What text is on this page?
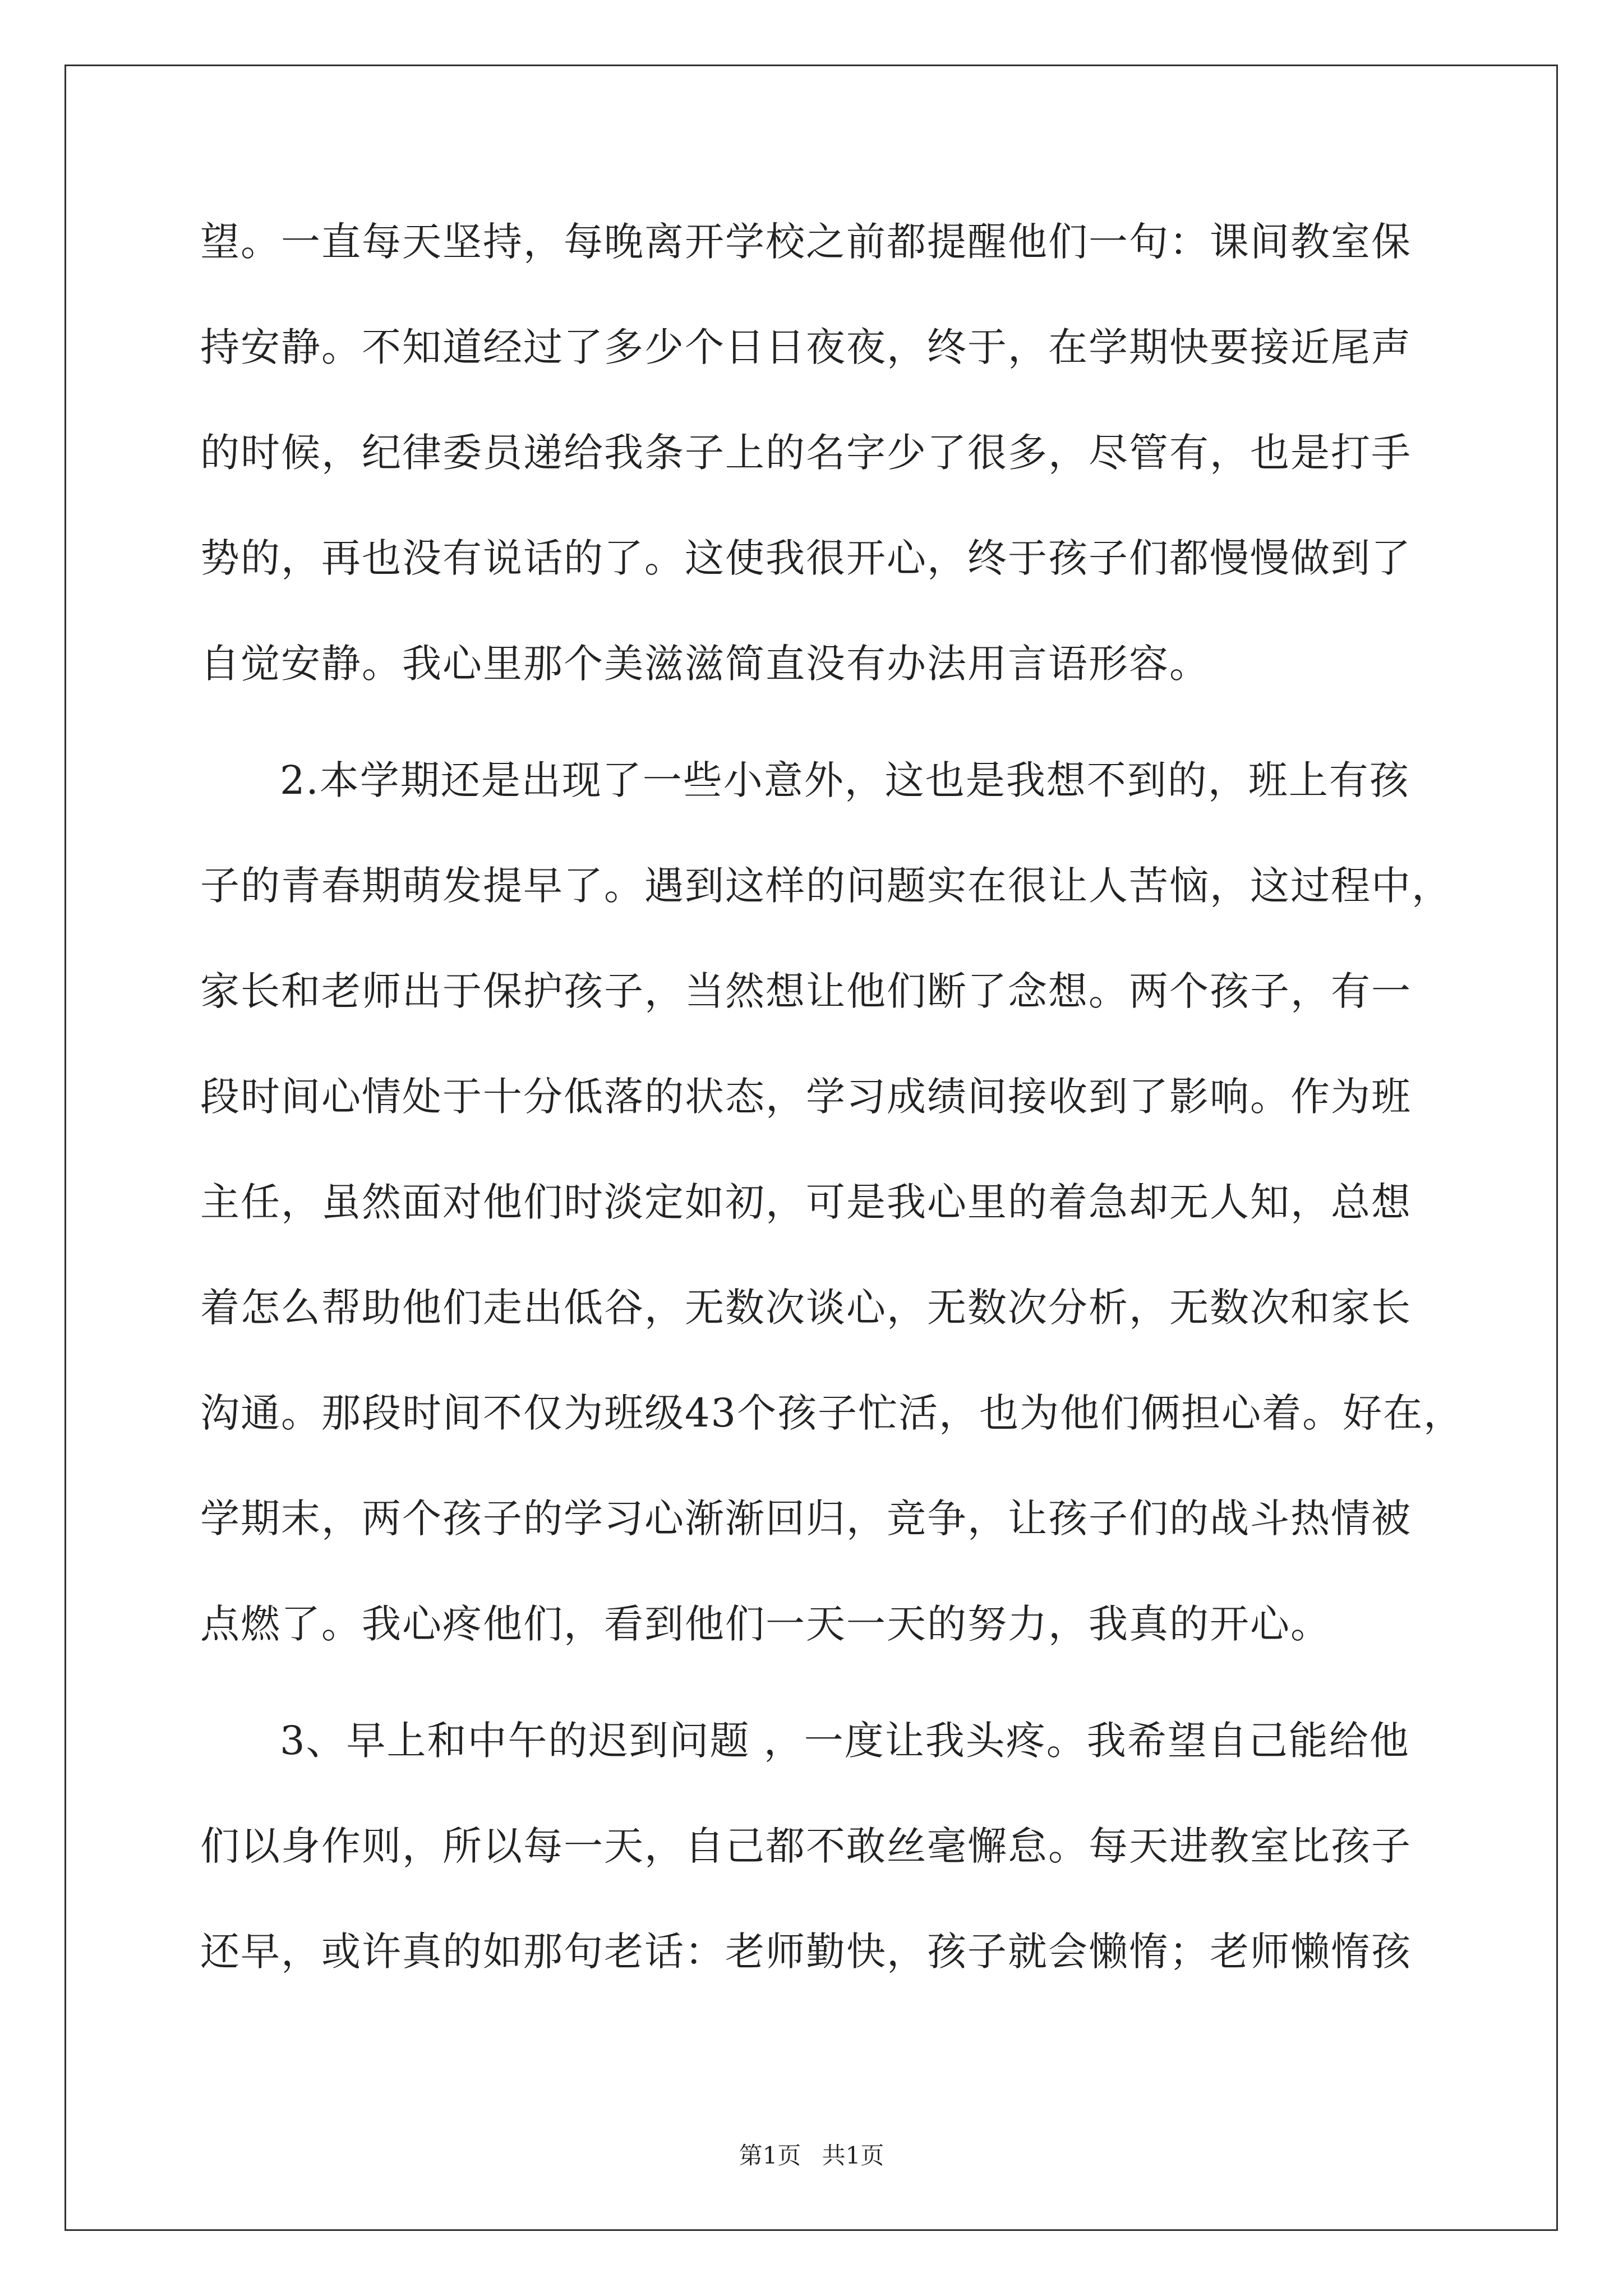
望。一直每天坚持，每晚离开学校之前都提醒他们一句：课间教室保
持安静。不知道经过了多少个日日夜夜，终于，在学期快要接近尾声
的时候，纪律委员递给我条子上的名字少了很多，尽管有，也是打手
势的，再也没有说话的了。这使我很开心，终于孩子们都慢慢做到了
自觉安静。我心里那个美滋滋简直没有办法用言语形容。
2.本学期还是出现了一些小意外，这也是我想不到的，班上有孩
子的青春期萌发提早了。遇到这样的问题实在很让人苦恼，这过程中，
家长和老师出于保护孩子，当然想让他们断了念想。两个孩子，有一
段时间心情处于十分低落的状态，学习成绩间接收到了影响。作为班
主任，虽然面对他们时淡定如初，可是我心里的着急却无人知，总想
着怎么帮助他们走出低谷，无数次谈心，无数次分析，无数次和家长
沟通。那段时间不仅为班级43个孩子忙活，也为他们俩担心着。好在，
学期末，两个孩子的学习心渐渐回归，竞争，让孩子们的战斗热情被
点燃了。我心疼他们，看到他们一天一天的努力，我真的开心。
3、早上和中午的迟到问题 ，一度让我头疼。我希望自己能给他
们以身作则，所以每一天，自己都不敢丝毫懈怠。每天进教室比孩子
还早，或许真的如那句老话：老师勤快，孩子就会懒惰；老师懒惰孩
第1页 共1页
